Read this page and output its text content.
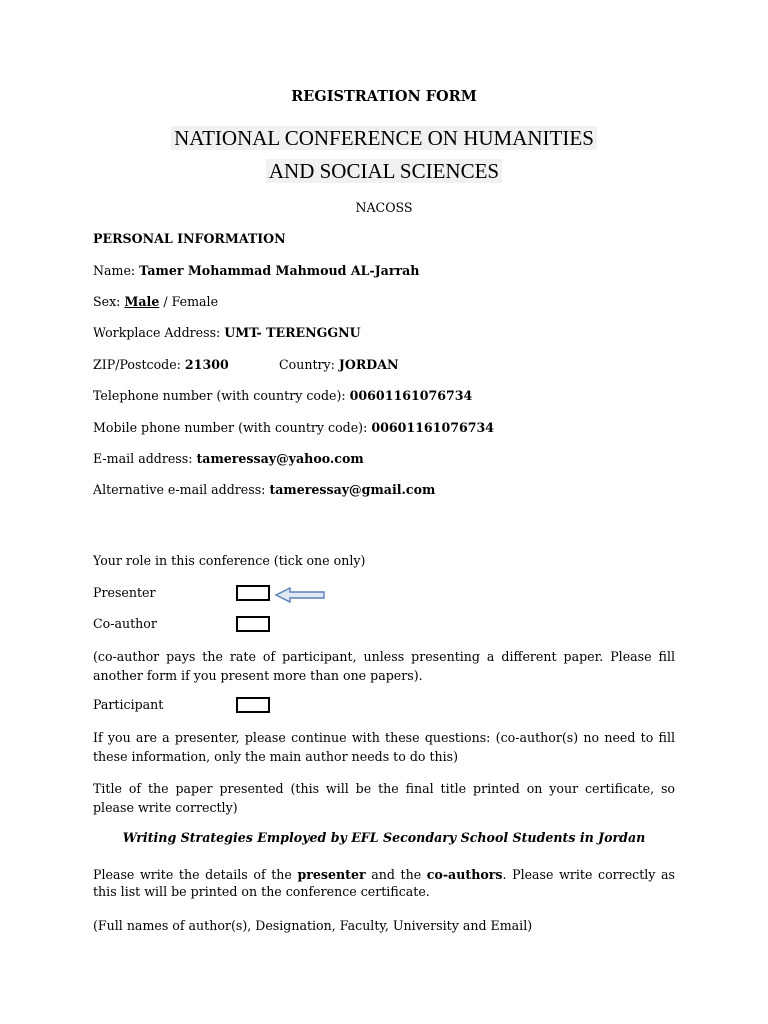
REGISTRATION FORM
NATIONAL CONFERENCE ON HUMANITIES
AND SOCIAL SCIENCES
NACOSS
PERSONAL INFORMATION
Name: Tamer Mohammad Mahmoud AL-Jarrah
Sex: Male / Female
Workplace Address: UMT- TERENGGNU
ZIP/Postcode: 21300	Country: JORDAN
Telephone number (with country code): 00601161076734
Mobile phone number (with country code): 00601161076734
E-mail address: tameressay@yahoo.com
Alternative e-mail address: tameressay@gmail.com
Your role in this conference (tick one only)
Presenter
Co-author
(co-author pays the rate of participant, unless presenting a different paper. Please fill another form if you present more than one papers).
Participant
If you are a presenter, please continue with these questions: (co-author(s) no need to fill these information, only the main author needs to do this)
Title of the paper presented (this will be the final title printed on your certificate, so please write correctly)
Writing Strategies Employed by EFL Secondary School Students in Jordan
Please write the details of the presenter and the co-authors. Please write correctly as this list will be printed on the conference certificate.
(Full names of author(s), Designation, Faculty, University and Email)
